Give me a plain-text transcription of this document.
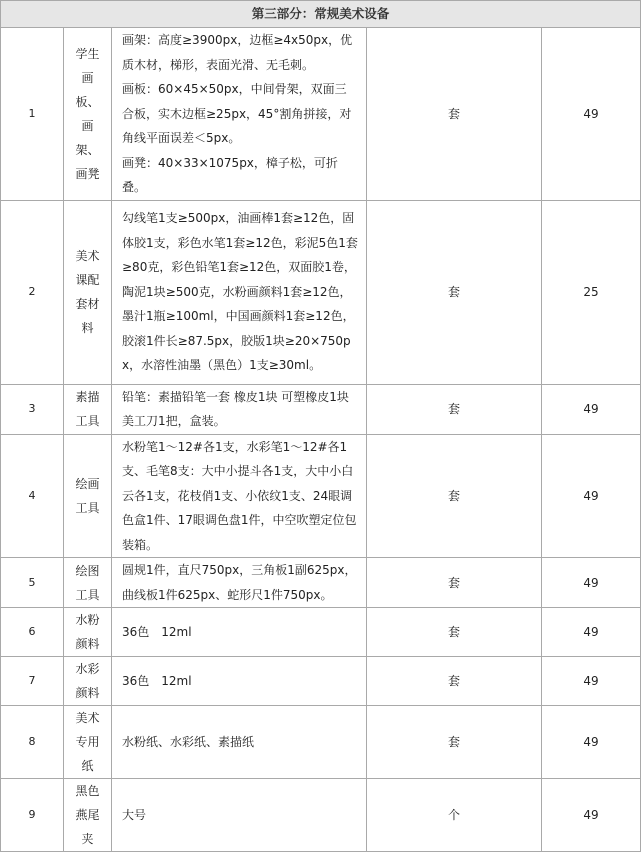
第三部分：常规美术设备				
1	学生画板、画架、画凳	画架：高度≥3900px，边框≥4x50px，优质木材，梯形，表面光滑、无毛刺。
画板：60×45×50px，中间骨架，双面三合板，实木边框≥25px，45°割角拼接，对角线平面误差＜5px。
画凳：40×33×1075px，樟子松，可折叠。	套	49
2	美术课配套材料	勾线笔1支≥500px，油画棒1套≥12色，固体胶1支，彩色水笔1套≥12色，彩泥5色1套≥80克，彩色铅笔1套≥12色，双面胶1卷，陶泥1块≥500克，水粉画颜料1套≥12色，墨汁1瓶≥100ml，中国画颜料1套≥12色，胶滚1件长≥87.5px，胶版1块≥20×750px，水溶性油墨（黑色）1支≥30ml。	套	25
3	素描工具	铅笔：素描铅笔一套 橡皮1块 可塑橡皮1块 美工刀1把，盒装。	套	49
4	绘画工具	水粉笔1～12#各1支，水彩笔1～12#各1支、毛笔8支：大中小提斗各1支，大中小白云各1支，花枝俏1支、小依纹1支、24眼调色盒1件、17眼调色盘1件，中空吹塑定位包装箱。	套	49
5	绘图工具	圆规1件，直尺750px，三角板1副625px，曲线板1件625px、蛇形尺1件750px。	套	49
6	水粉颜料	36色　12ml	套	49
7	水彩颜料	36色　12ml	套	49
8	美术专用纸	水粉纸、水彩纸、素描纸	套	49
9	黑色燕尾夹	大号	个	49
